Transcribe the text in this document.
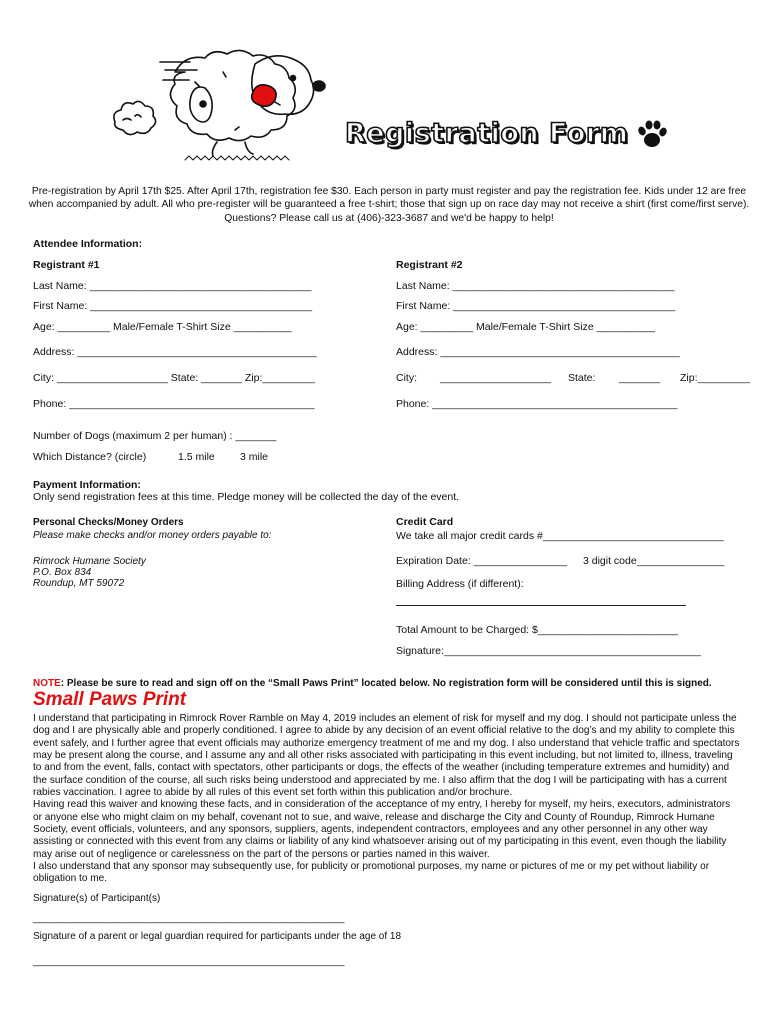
Registration Form
Pre-registration by April 17th $25. After April 17th, registration fee $30. Each person in party must register and pay the registration fee. Kids under 12 are free when accompanied by adult. All who pre-register will be guaranteed a free t-shirt; those that sign up on race day may not receive a shirt (first come/first serve). Questions? Please call us at (406)-323-3687 and we'd be happy to help!
Attendee Information:
Registrant #1	Registrant #2
Last Name: ______________________________________	Last Name: ______________________________________
First Name: ______________________________________	First Name: ______________________________________
Age: _________ Male/Female T-Shirt Size __________	Age: _________ Male/Female T-Shirt Size __________
Address: _________________________________________	Address: _________________________________________
City: ___________________ State: _______ Zip:_________	City: ___________________ State: _______ Zip:_________
Phone: __________________________________________	Phone: __________________________________________
Number of Dogs (maximum 2 per human) : _______
Which Distance? (circle)	1.5 mile 3 mile
Payment Information:
Only send registration fees at this time. Pledge money will be collected the day of the event.
Personal Checks/Money Orders
Please make checks and/or money orders payable to:
Rimrock Humane Society
P.O. Box 834
Roundup, MT 59072
Credit Card
We take all major credit cards #_______________________________
Expiration Date: ________________ 3 digit code_______________
Billing Address (if different):
Total Amount to be Charged: $________________________
Signature:____________________________________________
NOTE: Please be sure to read and sign off on the “Small Paws Print” located below. No registration form will be considered until this is signed.
Small Paws Print

I understand that participating in Rimrock Rover Ramble on May 4, 2019 includes an element of risk for myself and my dog. I should not participate unless the dog and I are physically able and properly conditioned. I agree to abide by any decision of an event official relative to the dog’s and my ability to complete this event safely, and I further agree that event officials may authorize emergency treatment of me and my dog. I also understand that vehicle traffic and spectators may be present along the course, and I assume any and all other risks associated with participating in this event including, but not limited to, illness, traveling to and from the event, falls, contact with spectators, other participants or dogs, the effects of the weather (including temperature extremes and humidity) and the surface condition of the course, all such risks being understood and appreciated by me. I also affirm that the dog I will be participating with has a current rabies vaccination. I agree to abide by all rules of this event set forth within this publication and/or brochure.

Having read this waiver and knowing these facts, and in consideration of the acceptance of my entry, I hereby for myself, my heirs, executors, administrators or anyone else who might claim on my behalf, covenant not to sue, and waive, release and discharge the City and County of Roundup, Rimrock Humane Society, event officials, volunteers, and any sponsors, suppliers, agents, independent contractors, employees and any other personnel in any other way assisting or connected with this event from any claims or liability of any kind whatsoever arising out of my participating in this event, even though the liability may arise out of negligence or carelessness on the part of the persons or parties named in this waiver.

I also understand that any sponsor may subsequently use, for publicity or promotional purposes, my name or pictures of me or my pet without liability or obligation to me.

Signature(s) of Participant(s)
________________________________________________________
Signature of a parent or legal guardian required for participants under the age of 18
________________________________________________________
